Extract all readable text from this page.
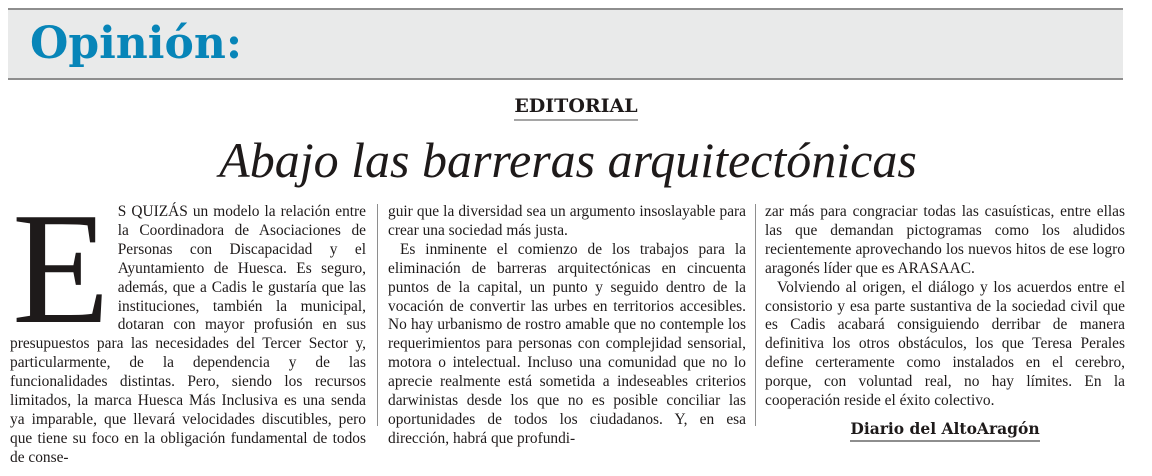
Opinión:
EDITORIAL
Abajo las barreras arquitectónicas
E S QUIZÁS un modelo la relación entre la Coordinadora de Asociaciones de Personas con Discapacidad y el Ayuntamiento de Huesca. Es seguro, además, que a Cadis le gustaría que las instituciones, también la municipal, dotaran con mayor profusión en sus presupuestos para las necesidades del Tercer Sector y, particularmente, de la dependencia y de las funcionalidades distintas. Pero, siendo los recursos limitados, la marca Huesca Más Inclusiva es una senda ya imparable, que llevará velocidades discutibles, pero que tiene su foco en la obligación fundamental de todos de conse-

guir que la diversidad sea un argumento insoslayable para crear una sociedad más justa.

Es inminente el comienzo de los trabajos para la eliminación de barreras arquitectónicas en cincuenta puntos de la capital, un punto y seguido dentro de la vocación de convertir las urbes en territorios accesibles. No hay urbanismo de rostro amable que no contemple los requerimientos para personas con complejidad sensorial, motora o intelectual. Incluso una comunidad que no lo aprecie realmente está sometida a indeseables criterios darwinistas desde los que no es posible conciliar las oportunidades de todos los ciudadanos. Y, en esa dirección, habrá que profundi-

zar más para congraciar todas las casuísticas, entre ellas las que demandan pictogramas como los aludidos recientemente aprovechando los nuevos hitos de ese logro aragonés líder que es ARASAAC.

Volviendo al origen, el diálogo y los acuerdos entre el consistorio y esa parte sustantiva de la sociedad civil que es Cadis acabará consiguiendo derribar de manera definitiva los otros obstáculos, los que Teresa Perales define certeramente como instalados en el cerebro, porque, con voluntad real, no hay límites. En la cooperación reside el éxito colectivo.

Diario del AltoAragón
